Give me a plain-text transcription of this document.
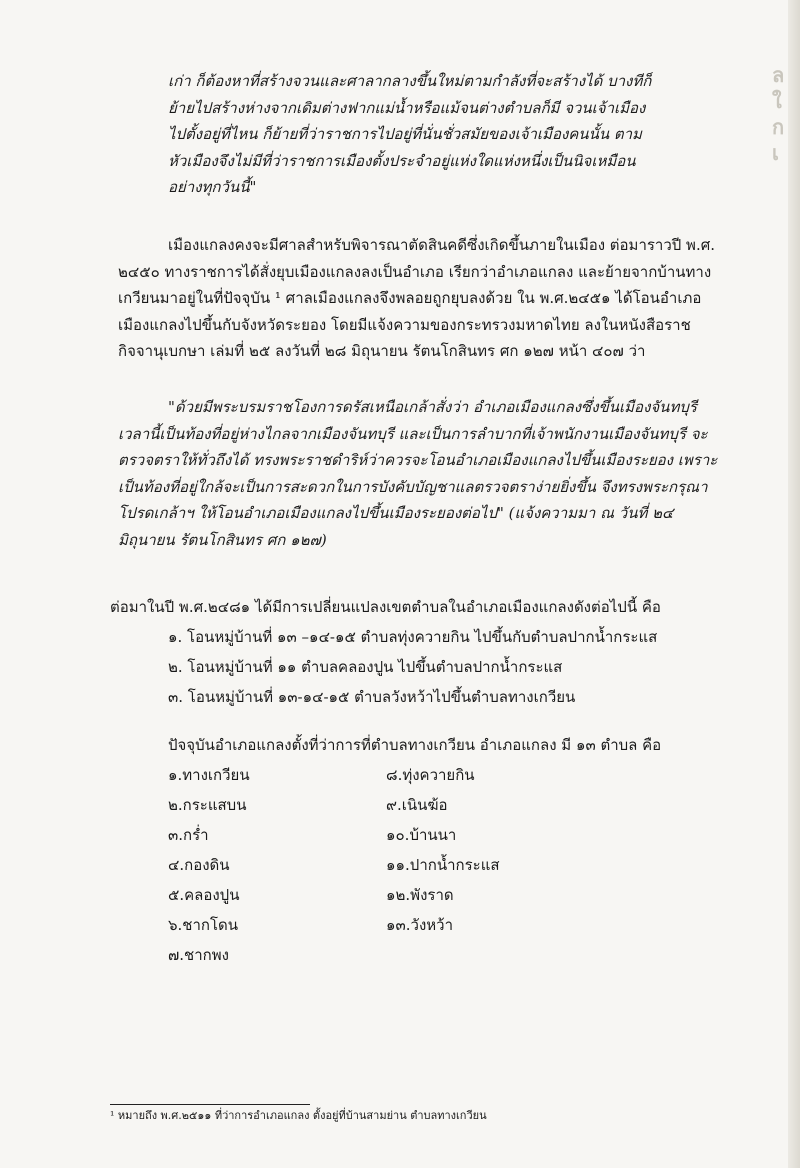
ล
ใ
ก
เ
เก่า ก็ต้องหาที่สร้างจวนและศาลากลางขึ้นใหม่ตามกำลังที่จะสร้างได้ บางทีก็
ย้ายไปสร้างห่างจากเดิมต่างฟากแม่น้ำหรือแม้จนต่างตำบลก็มี จวนเจ้าเมือง
ไปตั้งอยู่ที่ไหน ก็ย้ายที่ว่าราชการไปอยู่ที่นั่นชั่วสมัยของเจ้าเมืองคนนั้น ตาม
หัวเมืองจึงไม่มีที่ว่าราชการเมืองตั้งประจำอยู่แห่งใดแห่งหนึ่งเป็นนิจเหมือน
อย่างทุกวันนี้"
เมืองแกลงคงจะมีศาลสำหรับพิจารณาตัดสินคดีซึ่งเกิดขึ้นภายในเมือง ต่อมาราวปี พ.ศ.
๒๔๕๐ ทางราชการได้สั่งยุบเมืองแกลงลงเป็นอำเภอ เรียกว่าอำเภอแกลง และย้ายจากบ้านทาง
เกวียนมาอยู่ในที่ปัจจุบัน ¹ ศาลเมืองแกลงจึงพลอยถูกยุบลงด้วย ใน พ.ศ.๒๔๕๑ ได้โอนอำเภอ
เมืองแกลงไปขึ้นกับจังหวัดระยอง โดยมีแจ้งความของกระทรวงมหาดไทย ลงในหนังสือราช
กิจจานุเบกษา เล่มที่ ๒๕ ลงวันที่ ๒๘ มิถุนายน รัตนโกสินทร ศก ๑๒๗ หน้า ๔๐๗ ว่า
"ด้วยมีพระบรมราชโองการดรัสเหนือเกล้าสั่งว่า อำเภอเมืองแกลงซึ่งขึ้นเมืองจันทบุรี
เวลานี้เป็นท้องที่อยู่ห่างไกลจากเมืองจันทบุรี และเป็นการลำบากที่เจ้าพนักงานเมืองจันทบุรี จะ
ตรวจตราให้ทั่วถึงได้ ทรงพระราชดำริห์ว่าควรจะโอนอำเภอเมืองแกลงไปขึ้นเมืองระยอง เพราะ
เป็นท้องที่อยู่ใกล้จะเป็นการสะดวกในการบังคับบัญชาแลตรวจตราง่ายยิ่งขึ้น จึงทรงพระกรุณา
โปรดเกล้าฯ ให้โอนอำเภอเมืองแกลงไปขึ้นเมืองระยองต่อไป" (แจ้งความมา ณ วันที่ ๒๔
มิถุนายน รัตนโกสินทร ศก ๑๒๗)
ต่อมาในปี พ.ศ.๒๔๘๑ ได้มีการเปลี่ยนแปลงเขตตำบลในอำเภอเมืองแกลงดังต่อไปนี้ คือ
๑. โอนหมู่บ้านที่ ๑๓ –๑๔-๑๕ ตำบลทุ่งควายกิน ไปขึ้นกับตำบลปากน้ำกระแส
๒. โอนหมู่บ้านที่ ๑๑ ตำบลคลองปูน ไปขึ้นตำบลปากน้ำกระแส
๓. โอนหมู่บ้านที่ ๑๓-๑๔-๑๕ ตำบลวังหว้าไปขึ้นตำบลทางเกวียน
ปัจจุบันอำเภอแกลงตั้งที่ว่าการที่ตำบลทางเกวียน อำเภอแกลง มี ๑๓ ตำบล คือ
๑.ทางเกวียน
๒.กระแสบน
๓.กร่ำ
๔.กองดิน
๕.คลองปูน
๖.ชากโดน
๗.ชากพง
๘.ทุ่งควายกิน
๙.เนินฆ้อ
๑๐.บ้านนา
๑๑.ปากน้ำกระแส
๑๒.พังราด
๑๓.วังหว้า
¹ หมายถึง พ.ศ.๒๕๑๑ ที่ว่าการอำเภอแกลง ตั้งอยู่ที่บ้านสามย่าน ตำบลทางเกวียน
